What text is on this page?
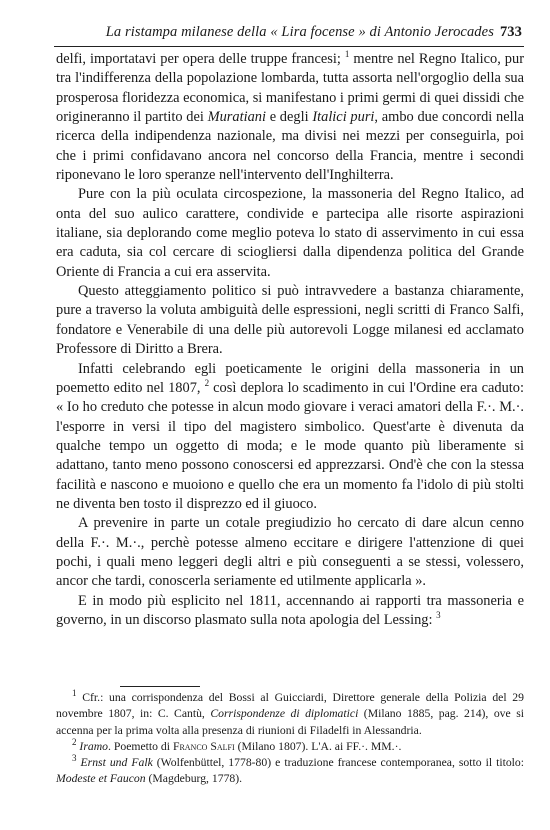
La ristampa milanese della « Lira focense » di Antonio Jerocades 733

delfi, importatavi per opera delle truppe francesi; $^1$ mentre nel Regno Italico, pur tra l'indifferenza della popolazione lombarda, tutta assorta nell'orgoglio della sua prosperosa floridezza economica, si manifestano i primi germi di quei dissidi che origineranno il partito dei Muratiani e degli Italici puri, ambo due concordi nella ricerca della indipendenza nazionale, ma divisi nei mezzi per conseguirla, poi che i primi confidavano ancora nel concorso della Francia, mentre i secondi riponevano le loro speranze nell'intervento dell'Inghilterra.

Pure con la più oculata circospezione, la massoneria del Regno Italico, ad onta del suo aulico carattere, condivide e partecipa alle risorte aspirazioni italiane, sia deplorando come meglio poteva lo stato di asservimento in cui essa era caduta, sia col cercare di sciogliersi dalla dipendenza politica del Grande Oriente di Francia a cui era asservita.

Questo atteggiamento politico si può intravvedere a bastanza chiaramente, pure a traverso la voluta ambiguità delle espressioni, negli scritti di Franco Salfi, fondatore e Venerabile di una delle più autorevoli Logge milanesi ed acclamato Professore di Diritto a Brera.

Infatti celebrando egli poeticamente le origini della massoneria in un poemetto edito nel 1807, $^2$ così deplora lo scadimento in cui l'Ordine era caduto: « Io ho creduto che potesse in alcun modo giovare i veraci amatori della F.·. M.·. l'esporre in versi il tipo del magistero simbolico. Quest'arte è divenuta da qualche tempo un oggetto di moda; e le mode quanto più liberamente si adattano, tanto meno possono conoscersi ed apprezzarsi. Ond'è che con la stessa facilità e nascono e muoiono e quello che era un momento fa l'idolo di più stolti ne diventa ben tosto il disprezzo ed il giuoco.

A prevenire in parte un cotale pregiudizio ho cercato di dare alcun cenno della F.·. M.·., perchè potesse almeno eccitare e dirigere l'attenzione di quei pochi, i quali meno leggeri degli altri e più conseguenti a se stessi, volessero, ancor che tardi, conoscerla seriamente ed utilmente applicarla ».

E in modo più esplicito nel 1811, accennando ai rapporti tra massoneria e governo, in un discorso plasmato sulla nota apologia del Lessing: $^3$

$^1$ Cfr.: una corrispondenza del Bossi al Guicciardi, Direttore generale della Polizia del 29 novembre 1807, in: C. Cantù, Corrispondenze di diplomatici (Milano 1885, pag. 214), ove si accenna per la prima volta alla presenza di riunioni di Filadelfi in Alessandria.

$^2$ Iramo. Poemetto di Franco Salfi (Milano 1807). L'A. ai FF.·. MM.·.

$^3$ Ernst und Falk (Wolfenbüttel, 1778-80) e traduzione francese contemporanea, sotto il titolo: Modeste et Faucon (Magdeburg, 1778).
